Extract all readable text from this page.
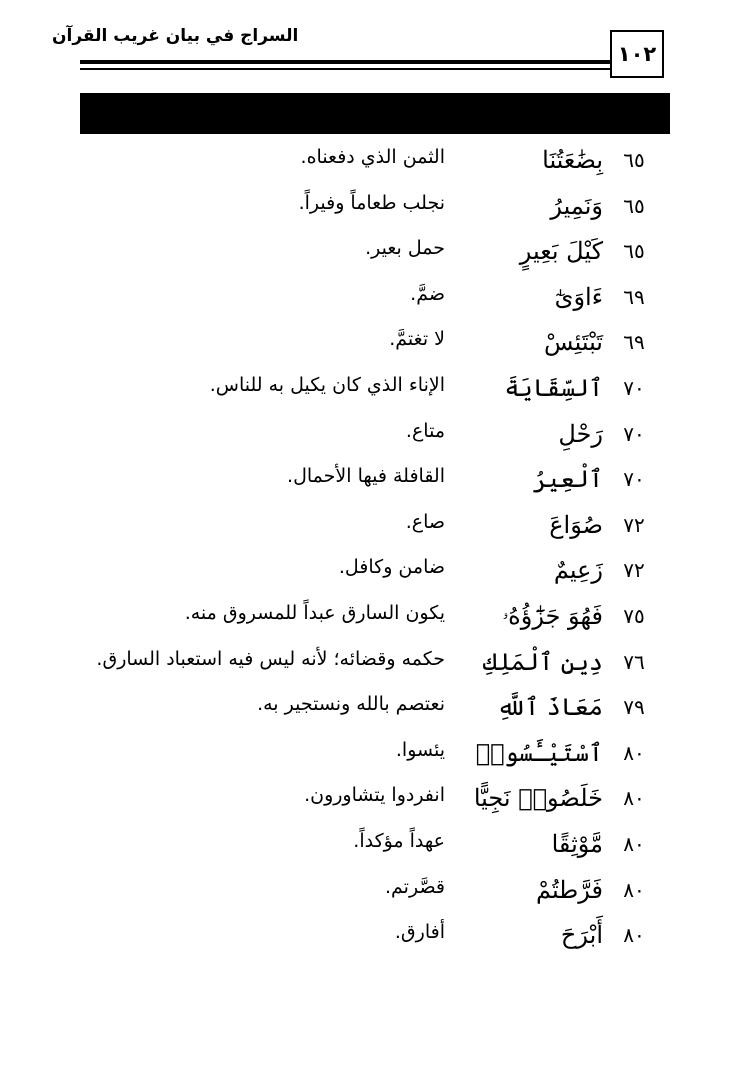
السراج في بيان غريب القرآن
١٠٢
٦٥
بِضَٰعَتُنَا
الثمن الذي دفعناه.
٦٥
وَنَمِيرُ
نجلب طعاماً وفيراً.
٦٥
كَيْلَ بَعِيرٍ
حمل بعير.
٦٩
ءَاوَىٰٓ
ضمَّ.
٦٩
تَبْتَئِسْ
لا تغتمَّ.
٧٠
ٱلسِّقَايَةَ
الإناء الذي كان يكيل به للناس.
٧٠
رَحْلِ
متاع.
٧٠
ٱلْعِيرُ
القافلة فيها الأحمال.
٧٢
صُوَاعَ
صاع.
٧٢
زَعِيمٌ
ضامن وكافل.
٧٥
فَهُوَ جَزَٰٓؤُهُۥ
يكون السارق عبداً للمسروق منه.
٧٦
دِينِ ٱلْمَلِكِ
حكمه وقضائه؛ لأنه ليس فيه استعباد السارق.
٧٩
مَعَاذَ ٱللَّهِ
نعتصم بالله ونستجير به.
٨٠
ٱسْتَيْـَٔسُوا۟
يئسوا.
٨٠
خَلَصُوا۟ نَجِيًّا
انفردوا يتشاورون.
٨٠
مَّوْثِقًا
عهداً مؤكداً.
٨٠
فَرَّطتُمْ
قصَّرتم.
٨٠
أَبْرَحَ
أفارق.
